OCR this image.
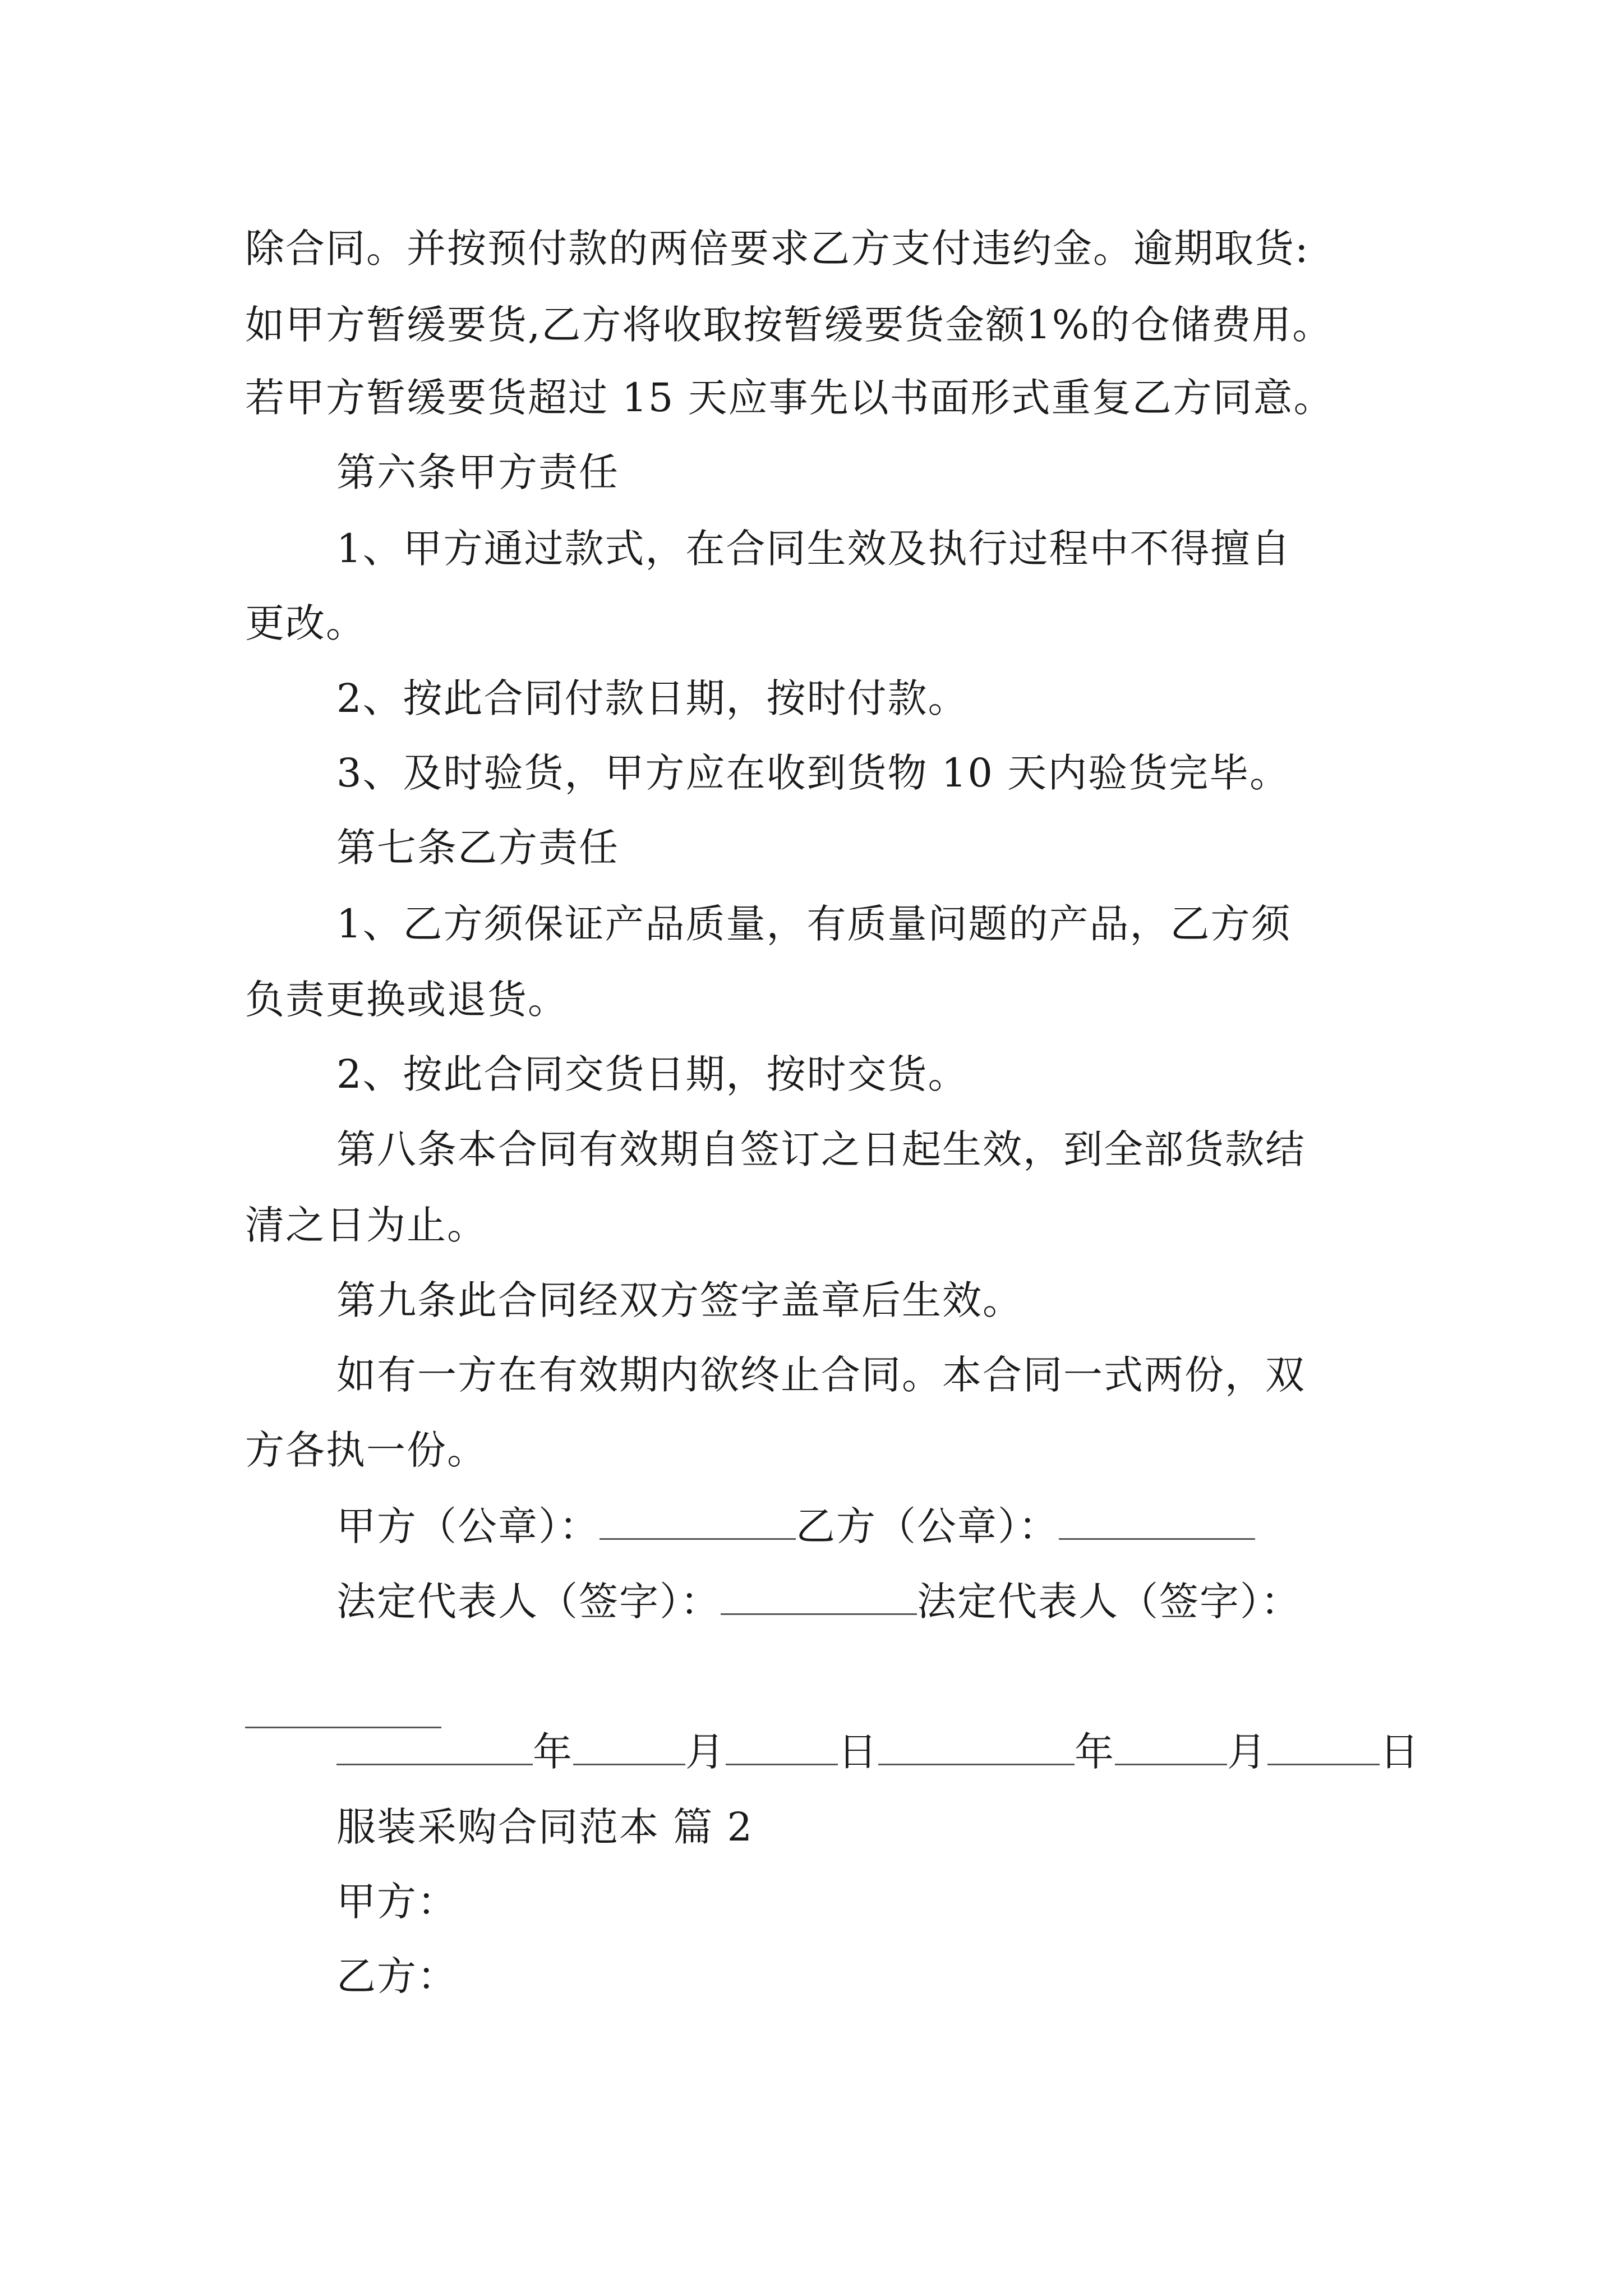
除合同。并按预付款的两倍要求乙方支付违约金。逾期取货:
如甲方暂缓要货,乙方将收取按暂缓要货金额1%的仓储费用。
若甲方暂缓要货超过 15 天应事先以书面形式重复乙方同意。
第六条甲方责任
1、甲方通过款式，在合同生效及执行过程中不得擅自
更改。
2、按此合同付款日期，按时付款。
3、及时验货，甲方应在收到货物 10 天内验货完毕。
第七条乙方责任
1、乙方须保证产品质量，有质量问题的产品，乙方须
负责更换或退货。
2、按此合同交货日期，按时交货。
第八条本合同有效期自签订之日起生效，到全部货款结
清之日为止。
第九条此合同经双方签字盖章后生效。
如有一方在有效期内欲终止合同。本合同一式两份，双
方各执一份。
甲方（公章）：	乙方（公章）：
法定代表人（签字）：	法定代表人（签字）：
年	月	日	年	月	日
服装采购合同范本 篇 2
甲方：
乙方：
